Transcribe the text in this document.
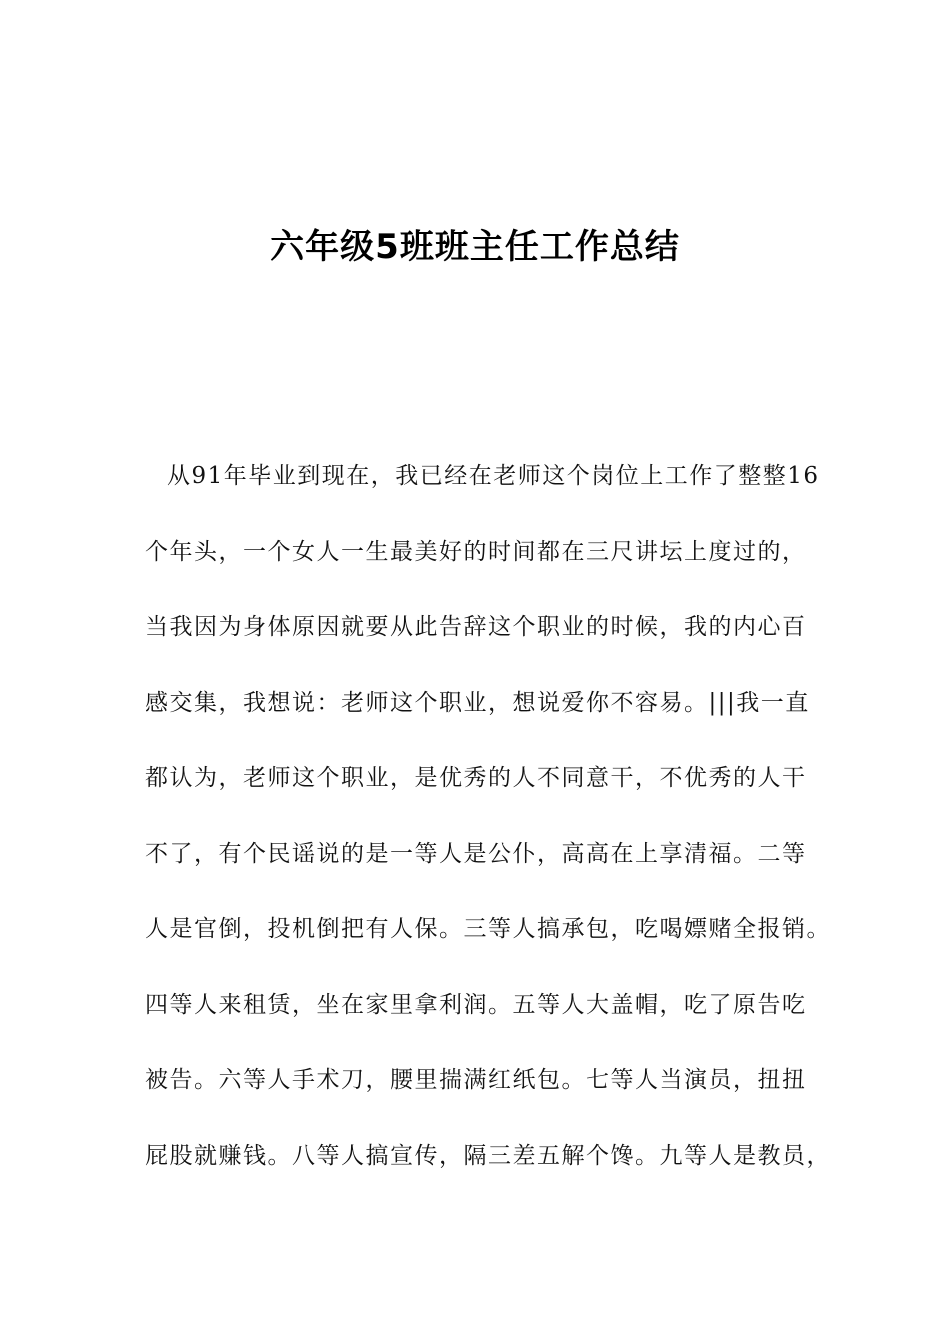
六年级5班班主任工作总结
从91年毕业到现在，我已经在老师这个岗位上工作了整整16
个年头，一个女人一生最美好的时间都在三尺讲坛上度过的，
当我因为身体原因就要从此告辞这个职业的时候，我的内心百
感交集，我想说：老师这个职业，想说爱你不容易。|||我一直
都认为，老师这个职业，是优秀的人不同意干，不优秀的人干
不了，有个民谣说的是一等人是公仆，高高在上享清福。二等
人是官倒，投机倒把有人保。三等人搞承包，吃喝嫖赌全报销。
四等人来租赁，坐在家里拿利润。五等人大盖帽，吃了原告吃
被告。六等人手术刀，腰里揣满红纸包。七等人当演员，扭扭
屁股就赚钱。八等人搞宣传，隔三差五解个馋。九等人是教员，
